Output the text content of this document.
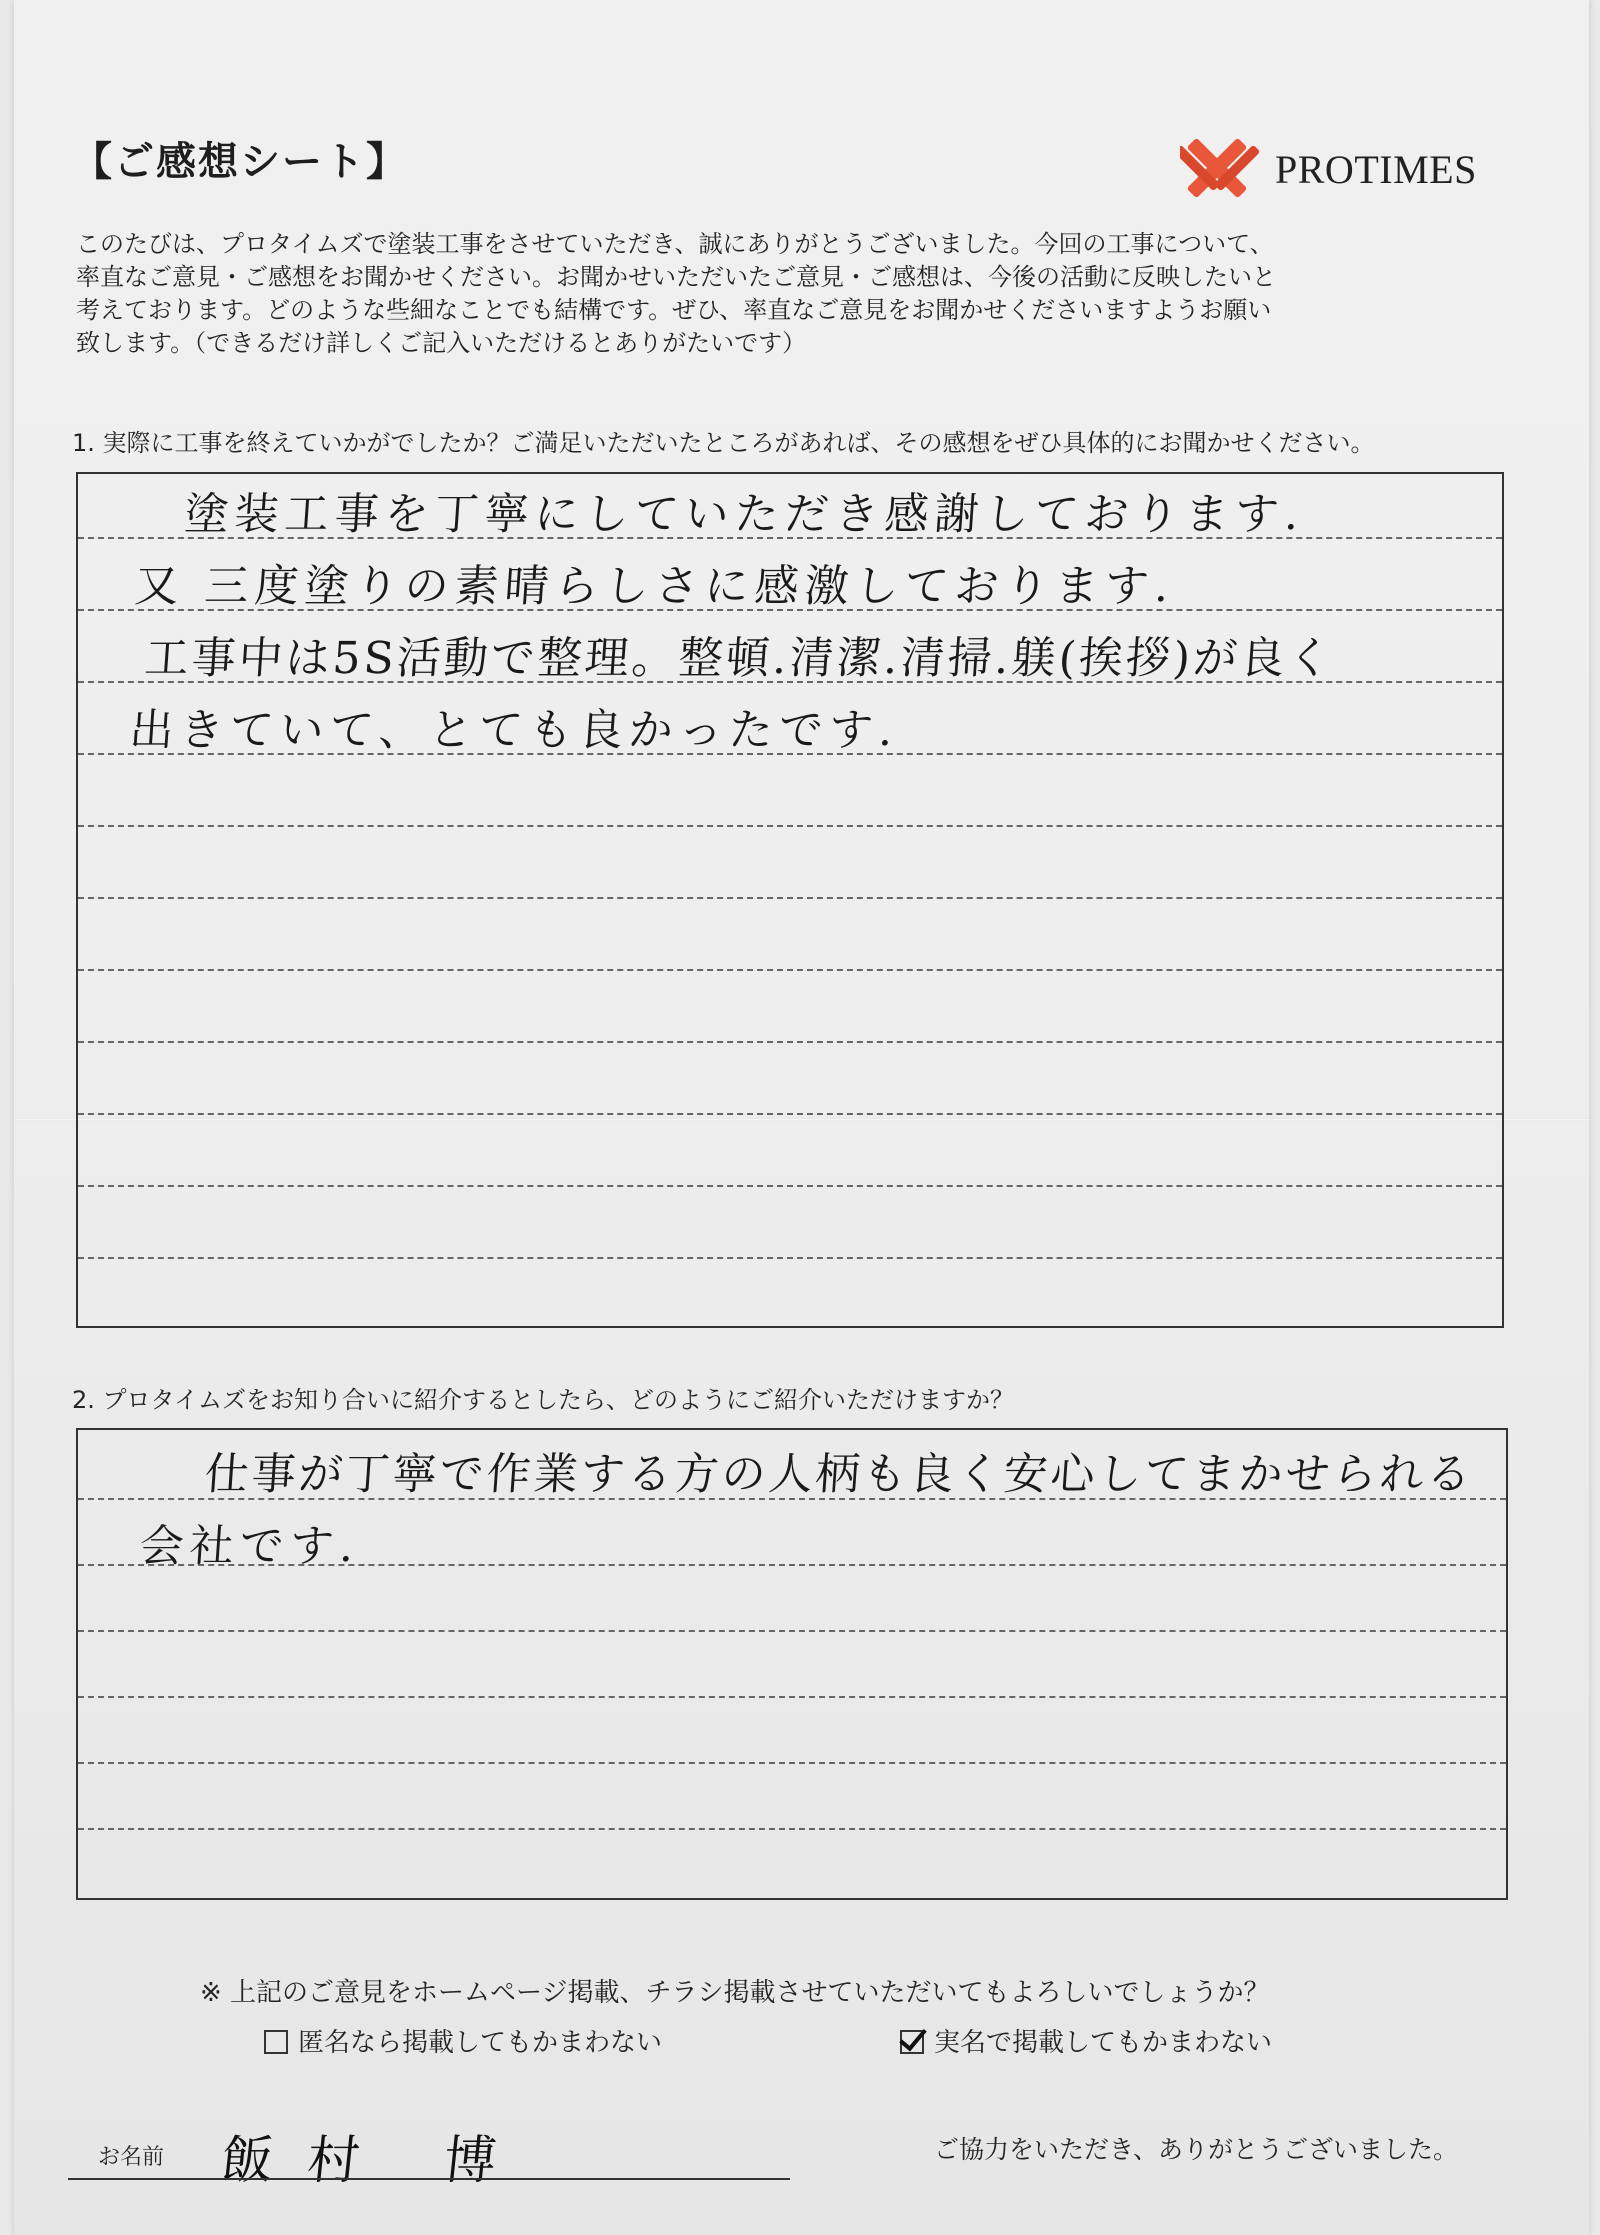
【ご感想シート】	PROTIMES
このたびは、プロタイムズで塗装工事をさせていただき、誠にありがとうございました。今回の工事について、
率直なご意見・ご感想をお聞かせください。お聞かせいただいたご意見・ご感想は、今後の活動に反映したいと
考えております。どのような些細なことでも結構です。ぜひ、率直なご意見をお聞かせくださいますようお願い
致します。（できるだけ詳しくご記入いただけるとありがたいです）
1. 実際に工事を終えていかがでしたか？ご満足いただいたところがあれば、その感想をぜひ具体的にお聞かせください。
塗装工事を丁寧にしていただき感謝しております.
又 三度塗りの素晴らしさに感激しております.
工事中は5S活動で整理。整頓.清潔.清掃.躾(挨拶)が良く
出きていて、とても良かったです.
2. プロタイムズをお知り合いに紹介するとしたら、どのようにご紹介いただけますか？
仕事が丁寧で作業する方の人柄も良く安心してまかせられる
会社です.
※ 上記のご意見をホームページ掲載、チラシ掲載させていただいてもよろしいでしょうか？
匿名なら掲載してもかまわない	実名で掲載してもかまわない
お名前 飯村 博	ご協力をいただき、ありがとうございました。
